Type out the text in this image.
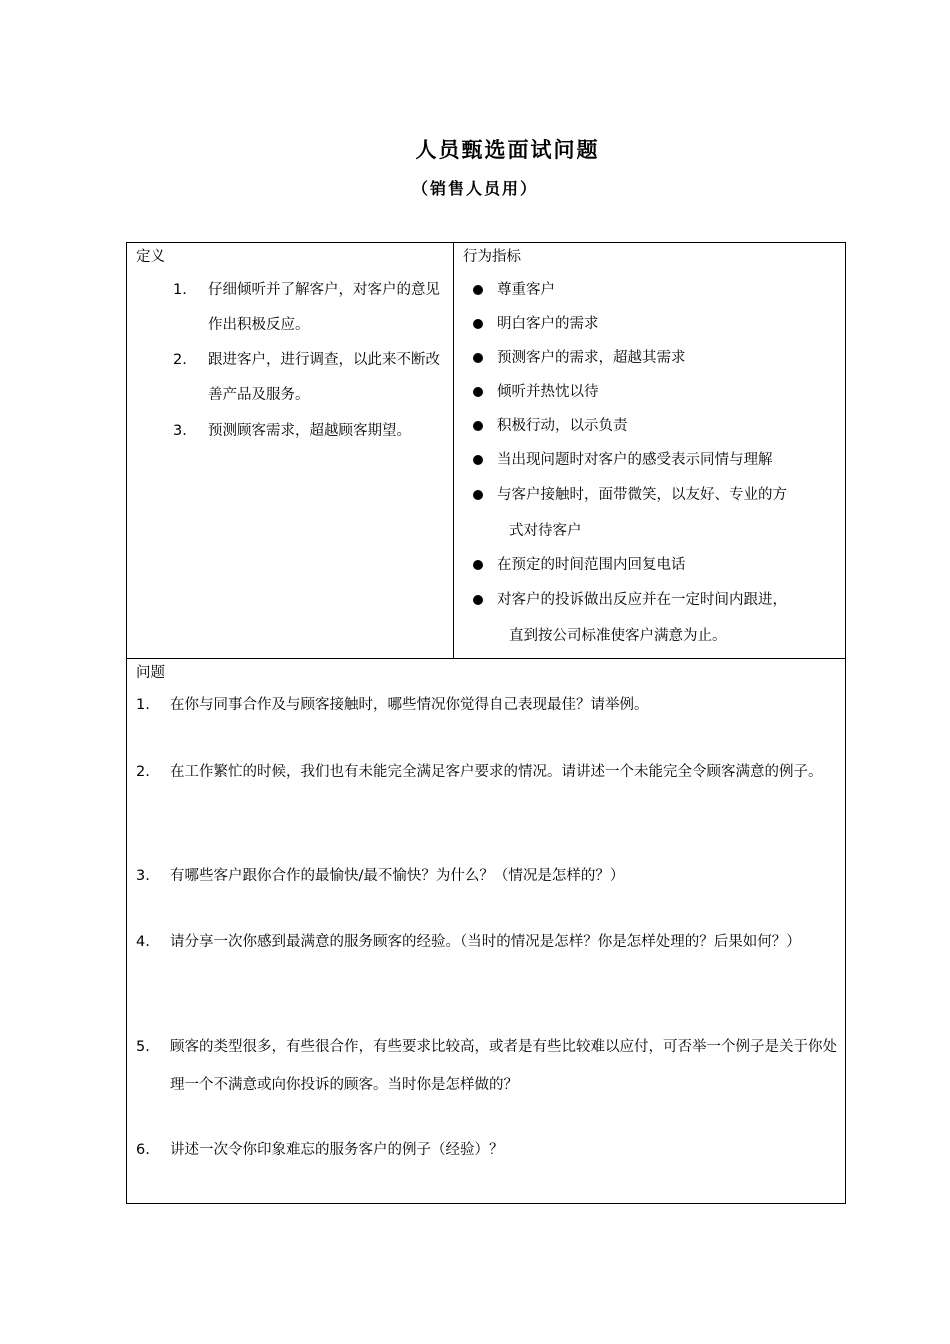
人员甄选面试问题
（销售人员用）
定义
1.	仔细倾听并了解客户，对客户的意见作出积极反应。
2.	跟进客户，进行调查，以此来不断改善产品及服务。
3.	预测顾客需求，超越顾客期望。
行为指标
尊重客户
明白客户的需求
预测客户的需求，超越其需求
倾听并热忱以待
积极行动，以示负责
当出现问题时对客户的感受表示同情与理解
与客户接触时，面带微笑，以友好、专业的方
式对待客户
在预定的时间范围内回复电话
对客户的投诉做出反应并在一定时间内跟进，
直到按公司标准使客户满意为止。
问题
1.	在你与同事合作及与顾客接触时，哪些情况你觉得自己表现最佳？请举例。
2.	在工作繁忙的时候，我们也有未能完全满足客户要求的情况。请讲述一个未能完全令顾客满意的例子。
3.	有哪些客户跟你合作的最愉快/最不愉快？为什么？（情况是怎样的？）
4.	请分享一次你感到最满意的服务顾客的经验。（当时的情况是怎样？你是怎样处理的？后果如何？）
5.	顾客的类型很多，有些很合作，有些要求比较高，或者是有些比较难以应付，可否举一个例子是关于你处理一个不满意或向你投诉的顾客。当时你是怎样做的？
6.	讲述一次令你印象难忘的服务客户的例子（经验）？
